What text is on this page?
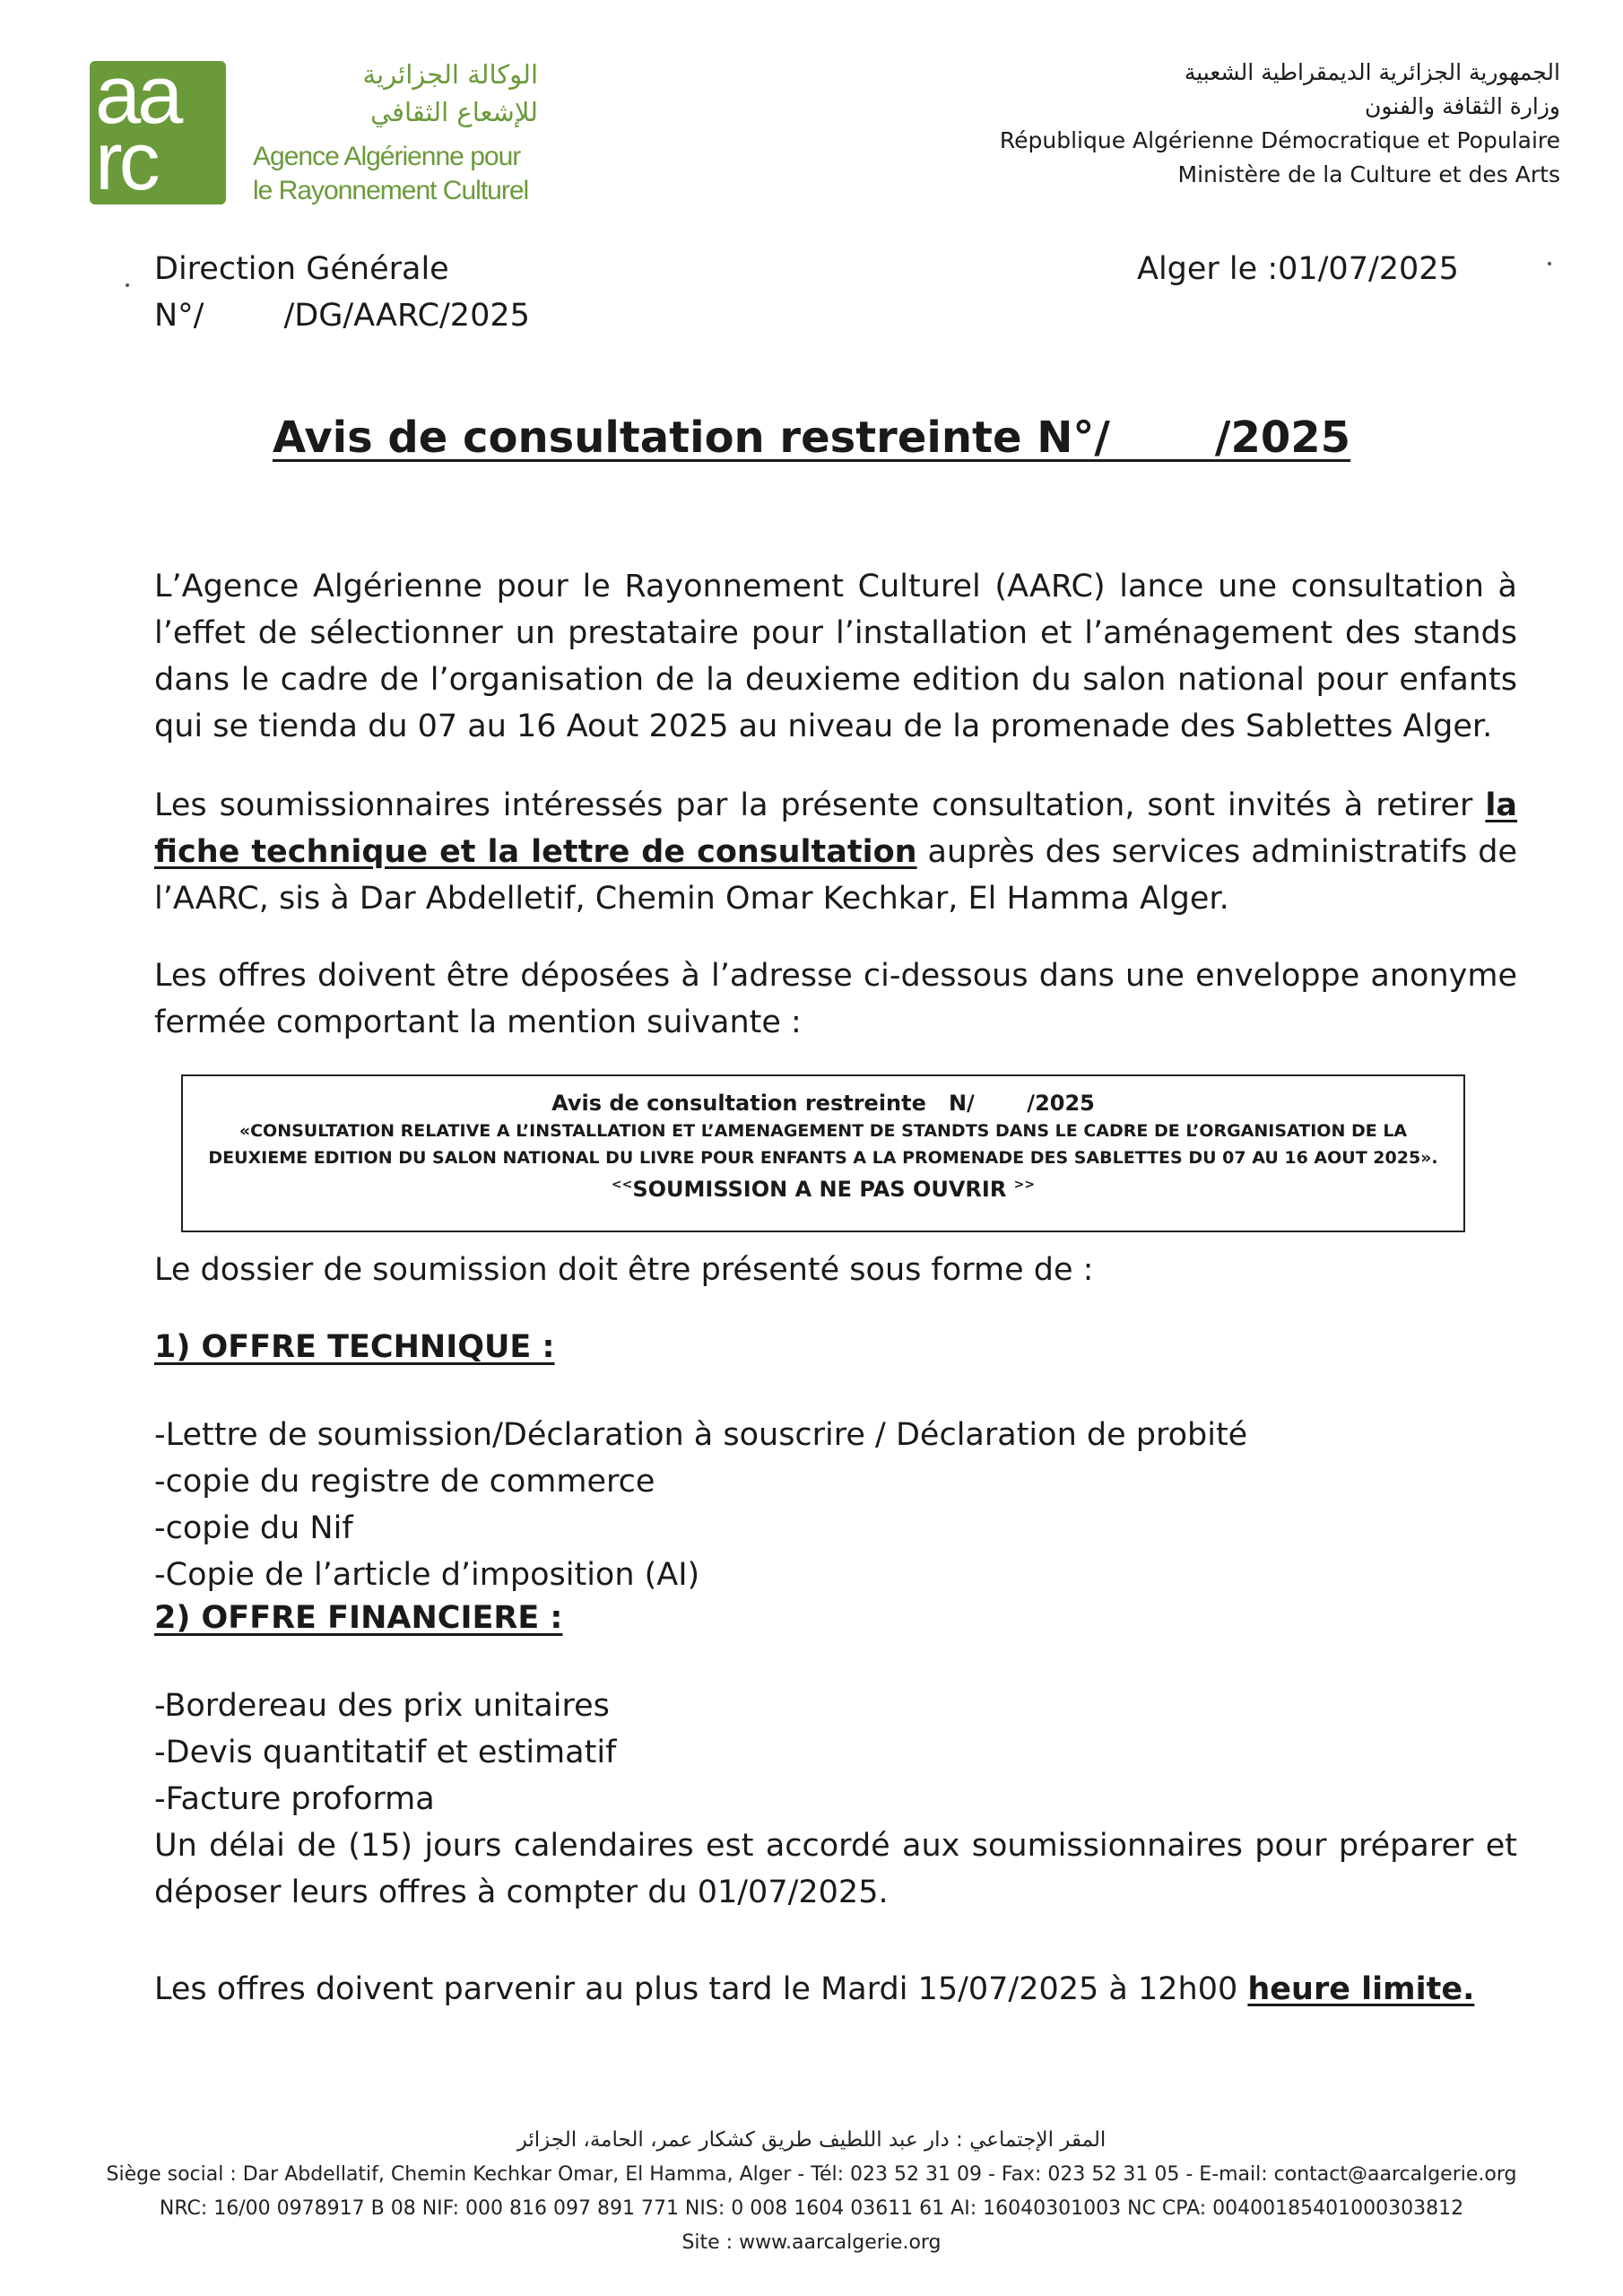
aa
rc
الوكالة الجزائرية
للإشعاع الثقافي
Agence Algérienne pour
le Rayonnement Culturel
الجمهورية الجزائرية الديمقراطية الشعبية
وزارة الثقافة والفنون
République Algérienne Démocratique et Populaire
Ministère de la Culture et des Arts
Direction Générale
N°/        /DG/AARC/2025
Alger le :01/07/2025
Avis de consultation restreinte N°/       /2025

L’Agence Algérienne pour le Rayonnement Culturel (AARC) lance une consultation à l’effet de sélectionner un prestataire pour l’installation et l’aménagement des stands dans le cadre de l’organisation de la deuxieme edition du salon national pour enfants qui se tienda du 07 au 16 Aout 2025 au niveau de la promenade des Sablettes Alger.

Les soumissionnaires intéressés par la présente consultation, sont invités à retirer la fiche technique et la lettre de consultation auprès des services administratifs de l’AARC, sis à Dar Abdelletif, Chemin Omar Kechkar, El Hamma Alger.

Les offres doivent être déposées à l’adresse ci-dessous dans une enveloppe anonyme fermée comportant la mention suivante :

Avis de consultation restreinte   N/       /2025
«CONSULTATION RELATIVE A L’INSTALLATION ET L’AMENAGEMENT DE STANDTS DANS LE CADRE DE L’ORGANISATION DE LA DEUXIEME EDITION DU SALON NATIONAL DU LIVRE POUR ENFANTS A LA PROMENADE DES SABLETTES DU 07 AU 16 AOUT 2025».
<<SOUMISSION A NE PAS OUVRIR >>
Le dossier de soumission doit être présenté sous forme de :
1) OFFRE TECHNIQUE :
-Lettre de soumission/Déclaration à souscrire / Déclaration de probité
-copie du registre de commerce
-copie du Nif
-Copie de l’article d’imposition (AI)
2) OFFRE FINANCIERE :
-Bordereau des prix unitaires
-Devis quantitatif et estimatif
-Facture proforma
Un délai de (15) jours calendaires est accordé aux soumissionnaires pour préparer et déposer leurs offres à compter du 01/07/2025.
Les offres doivent parvenir au plus tard le Mardi 15/07/2025 à 12h00 heure limite.
المقر الإجتماعي : دار عبد اللطيف طريق كشكار عمر، الحامة، الجزائر
Siège social : Dar Abdellatif, Chemin Kechkar Omar, El Hamma, Alger - Tél: 023 52 31 09 - Fax: 023 52 31 05 - E-mail: contact@aarcalgerie.org
NRC: 16/00 0978917 B 08 NIF: 000 816 097 891 771 NIS: 0 008 1604 03611 61 AI: 16040301003 NC CPA: 00400185401000303812
Site : www.aarcalgerie.org
